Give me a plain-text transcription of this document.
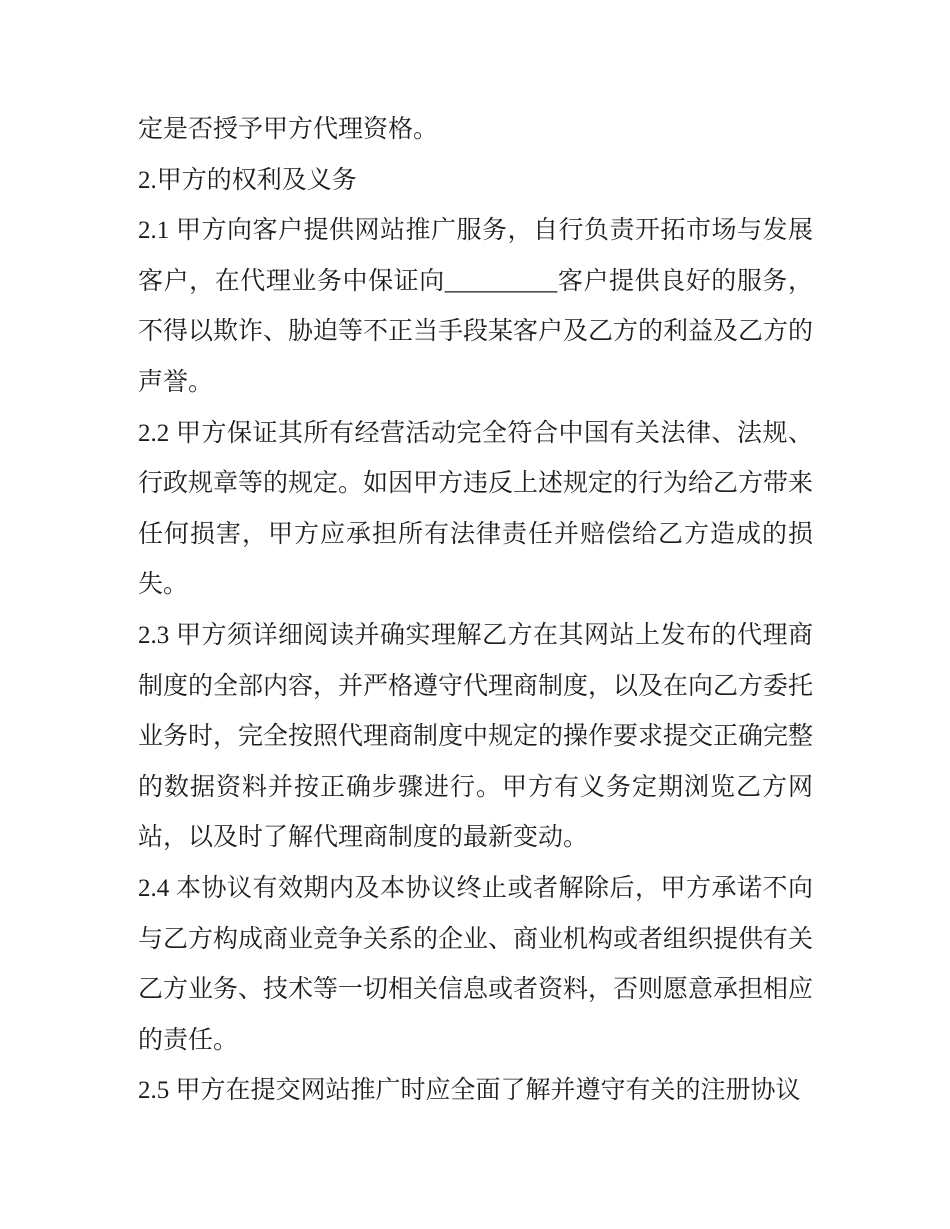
定是否授予甲方代理资格。
2.甲方的权利及义务
2.1 甲方向客户提供网站推广服务，自行负责开拓市场与发展
客户，在代理业务中保证向_________客户提供良好的服务，
不得以欺诈、胁迫等不正当手段某客户及乙方的利益及乙方的
声誉。
2.2 甲方保证其所有经营活动完全符合中国有关法律、法规、
行政规章等的规定。如因甲方违反上述规定的行为给乙方带来
任何损害，甲方应承担所有法律责任并赔偿给乙方造成的损
失。
2.3 甲方须详细阅读并确实理解乙方在其网站上发布的代理商
制度的全部内容，并严格遵守代理商制度，以及在向乙方委托
业务时，完全按照代理商制度中规定的操作要求提交正确完整
的数据资料并按正确步骤进行。甲方有义务定期浏览乙方网
站，以及时了解代理商制度的最新变动。
2.4 本协议有效期内及本协议终止或者解除后，甲方承诺不向
与乙方构成商业竞争关系的企业、商业机构或者组织提供有关
乙方业务、技术等一切相关信息或者资料，否则愿意承担相应
的责任。
2.5 甲方在提交网站推广时应全面了解并遵守有关的注册协议
